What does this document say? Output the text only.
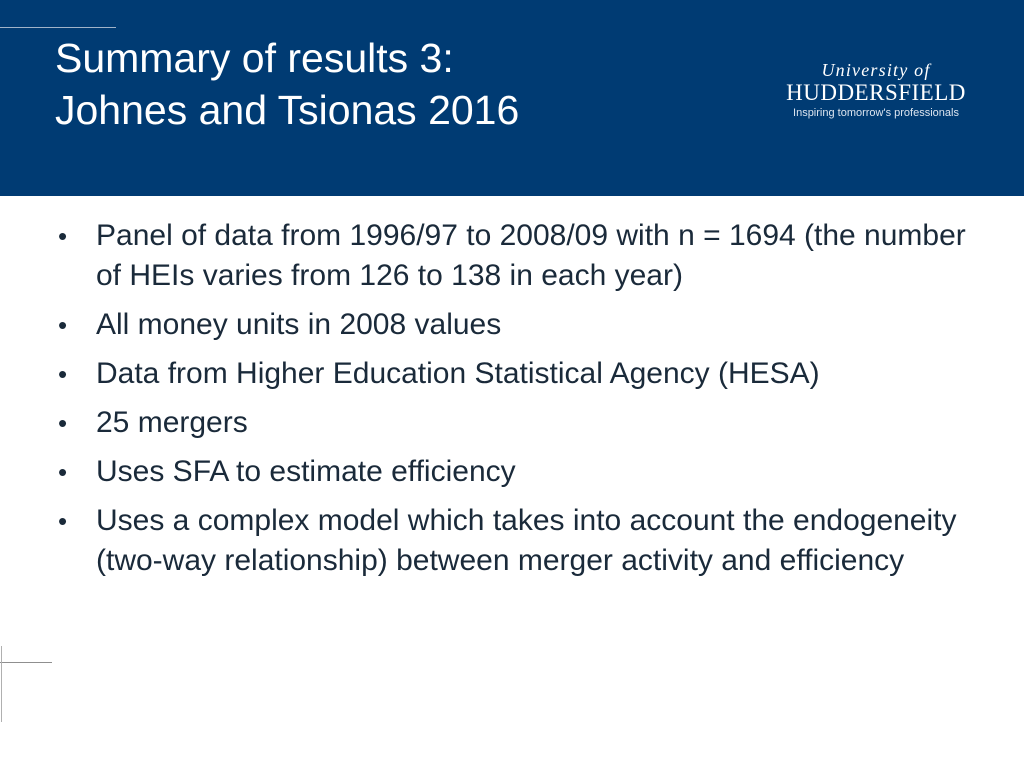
Summary of results 3:
Johnes and Tsionas 2016
University of
HUDDERSFIELD
Inspiring tomorrow's professionals
• Panel of data from 1996/97 to 2008/09 with n = 1694 (the number of HEIs varies from 126 to 138 in each year)
• All money units in 2008 values
• Data from Higher Education Statistical Agency (HESA)
• 25 mergers
• Uses SFA to estimate efficiency
• Uses a complex model which takes into account the endogeneity (two-way relationship) between merger activity and efficiency
